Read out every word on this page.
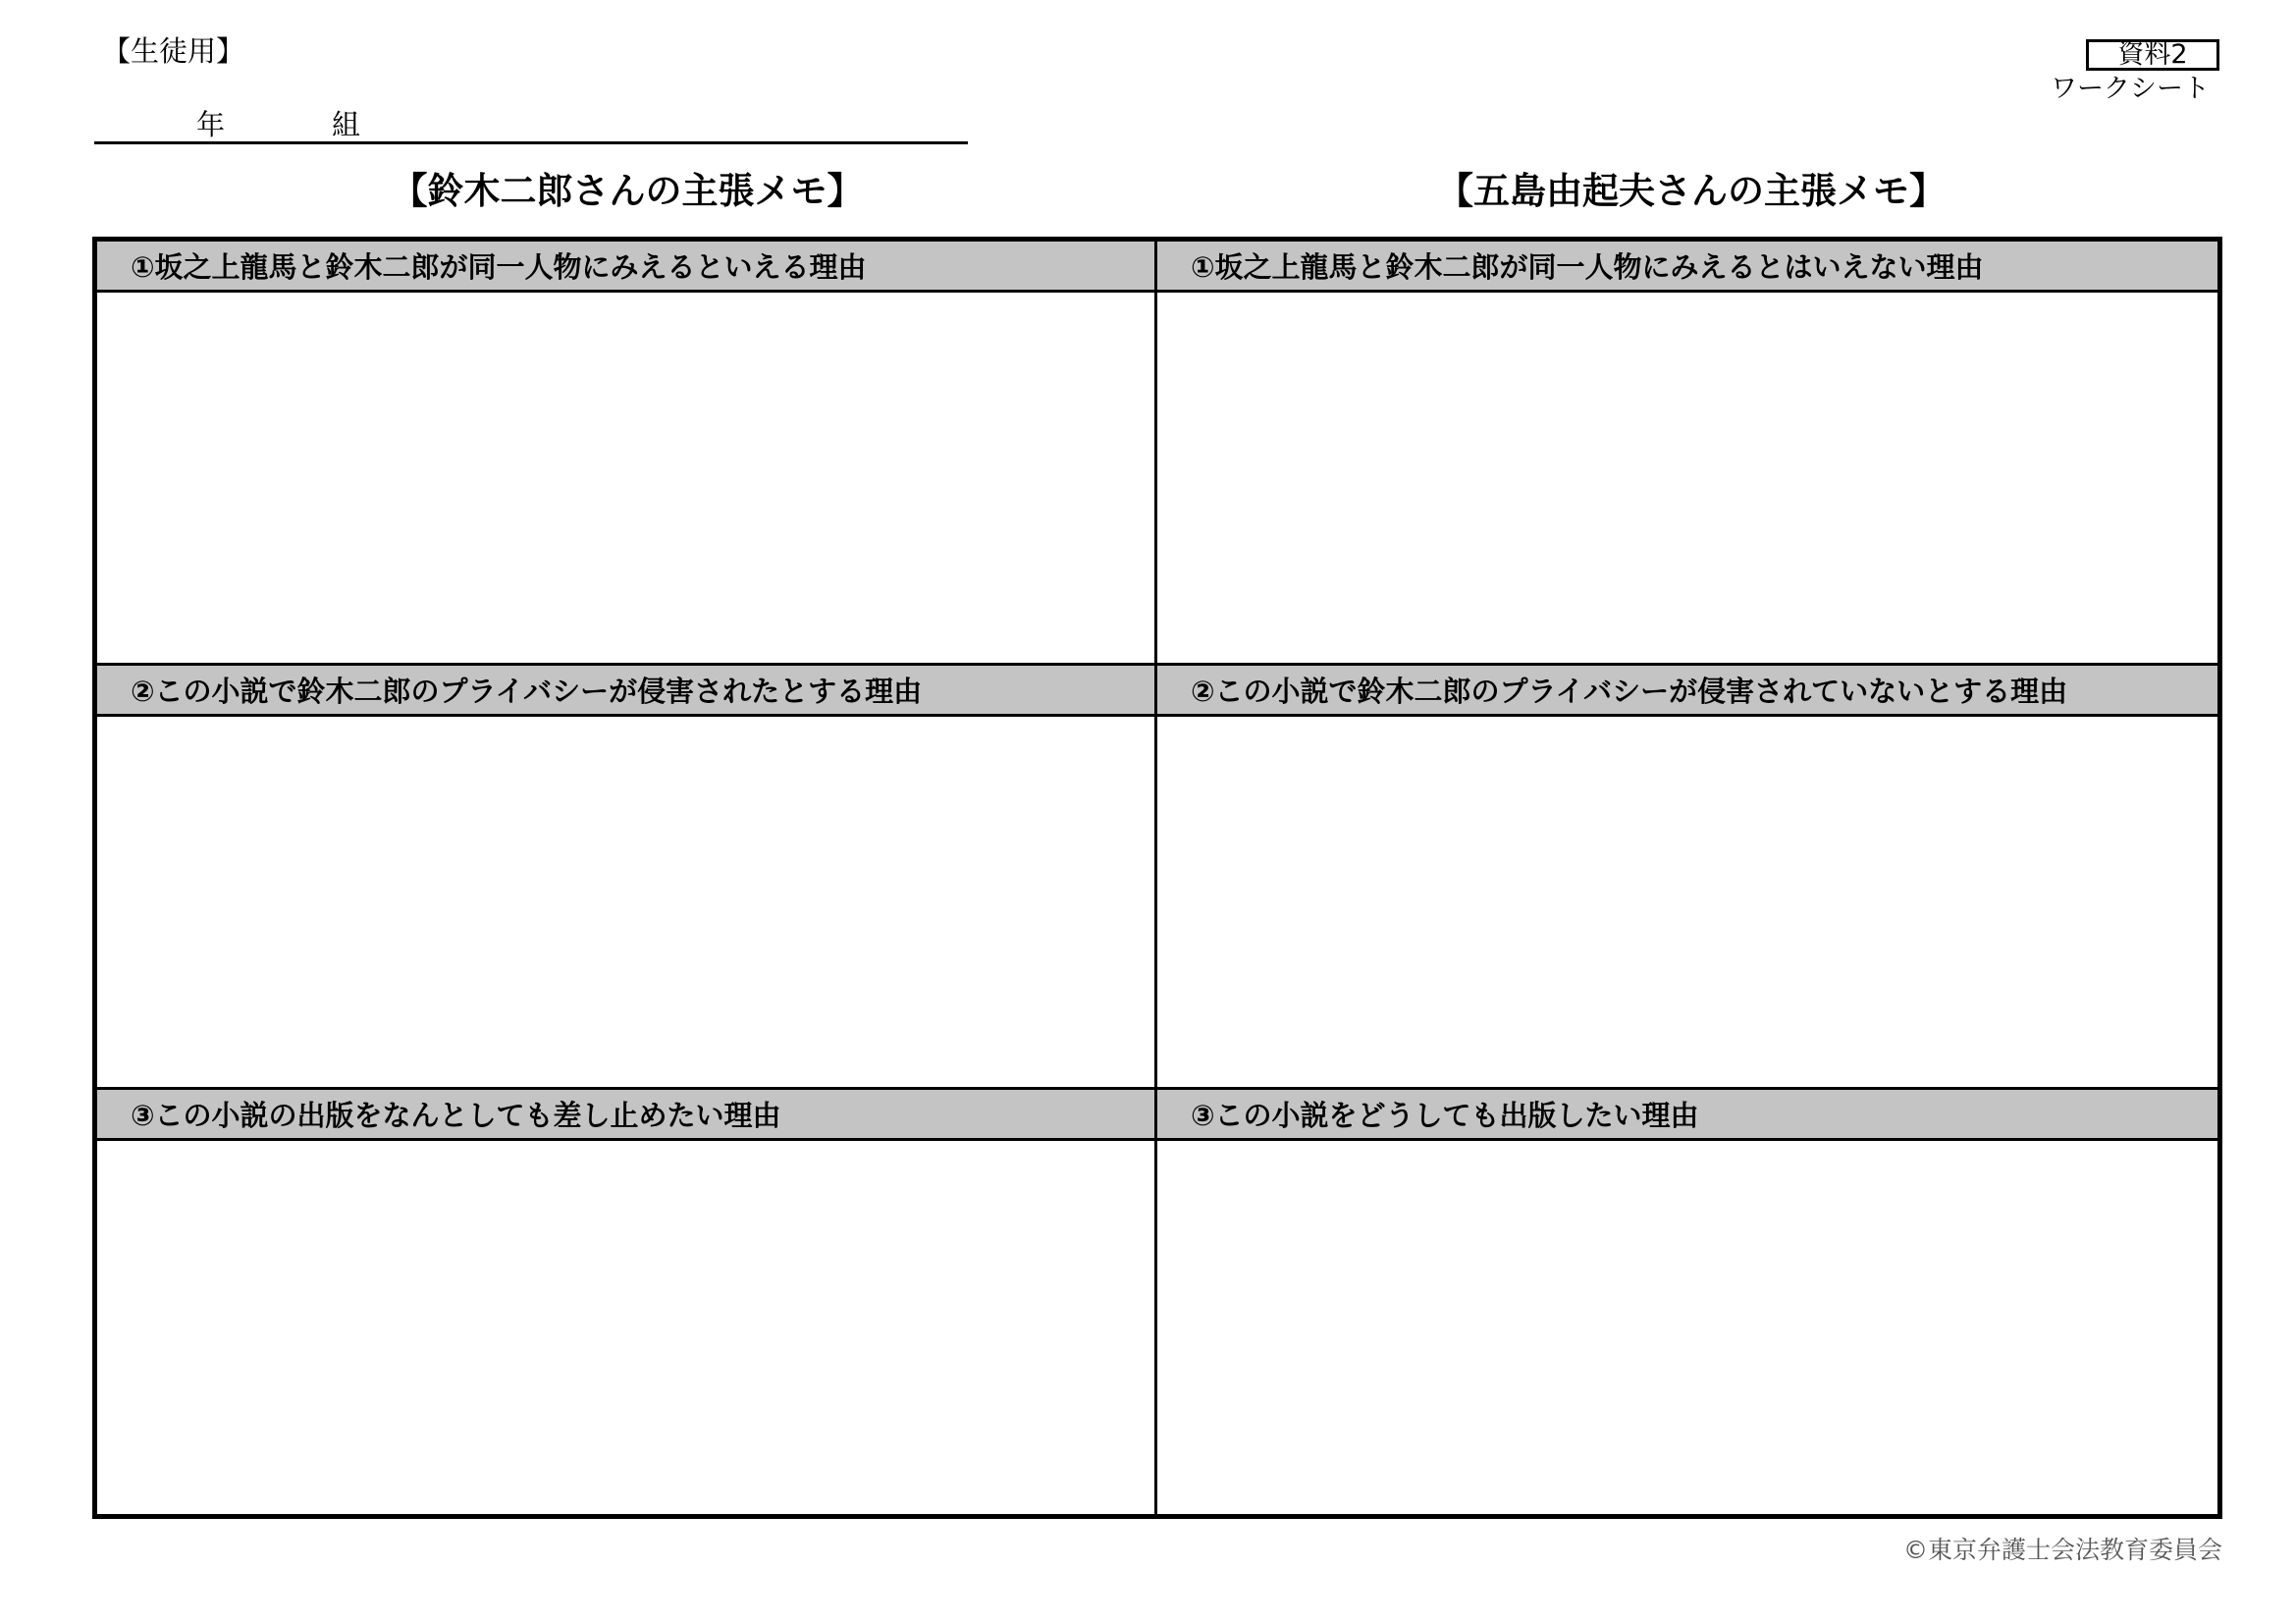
【生徒用】
年	組
資料2
ワークシート
【鈴木二郎さんの主張メモ】	【五島由起夫さんの主張メモ】
①坂之上龍馬と鈴木二郎が同一人物にみえるといえる理由	①坂之上龍馬と鈴木二郎が同一人物にみえるとはいえない理由
②この小説で鈴木二郎のプライバシーが侵害されたとする理由	②この小説で鈴木二郎のプライバシーが侵害されていないとする理由
③この小説の出版をなんとしても差し止めたい理由	③この小説をどうしても出版したい理由
©東京弁護士会法教育委員会
